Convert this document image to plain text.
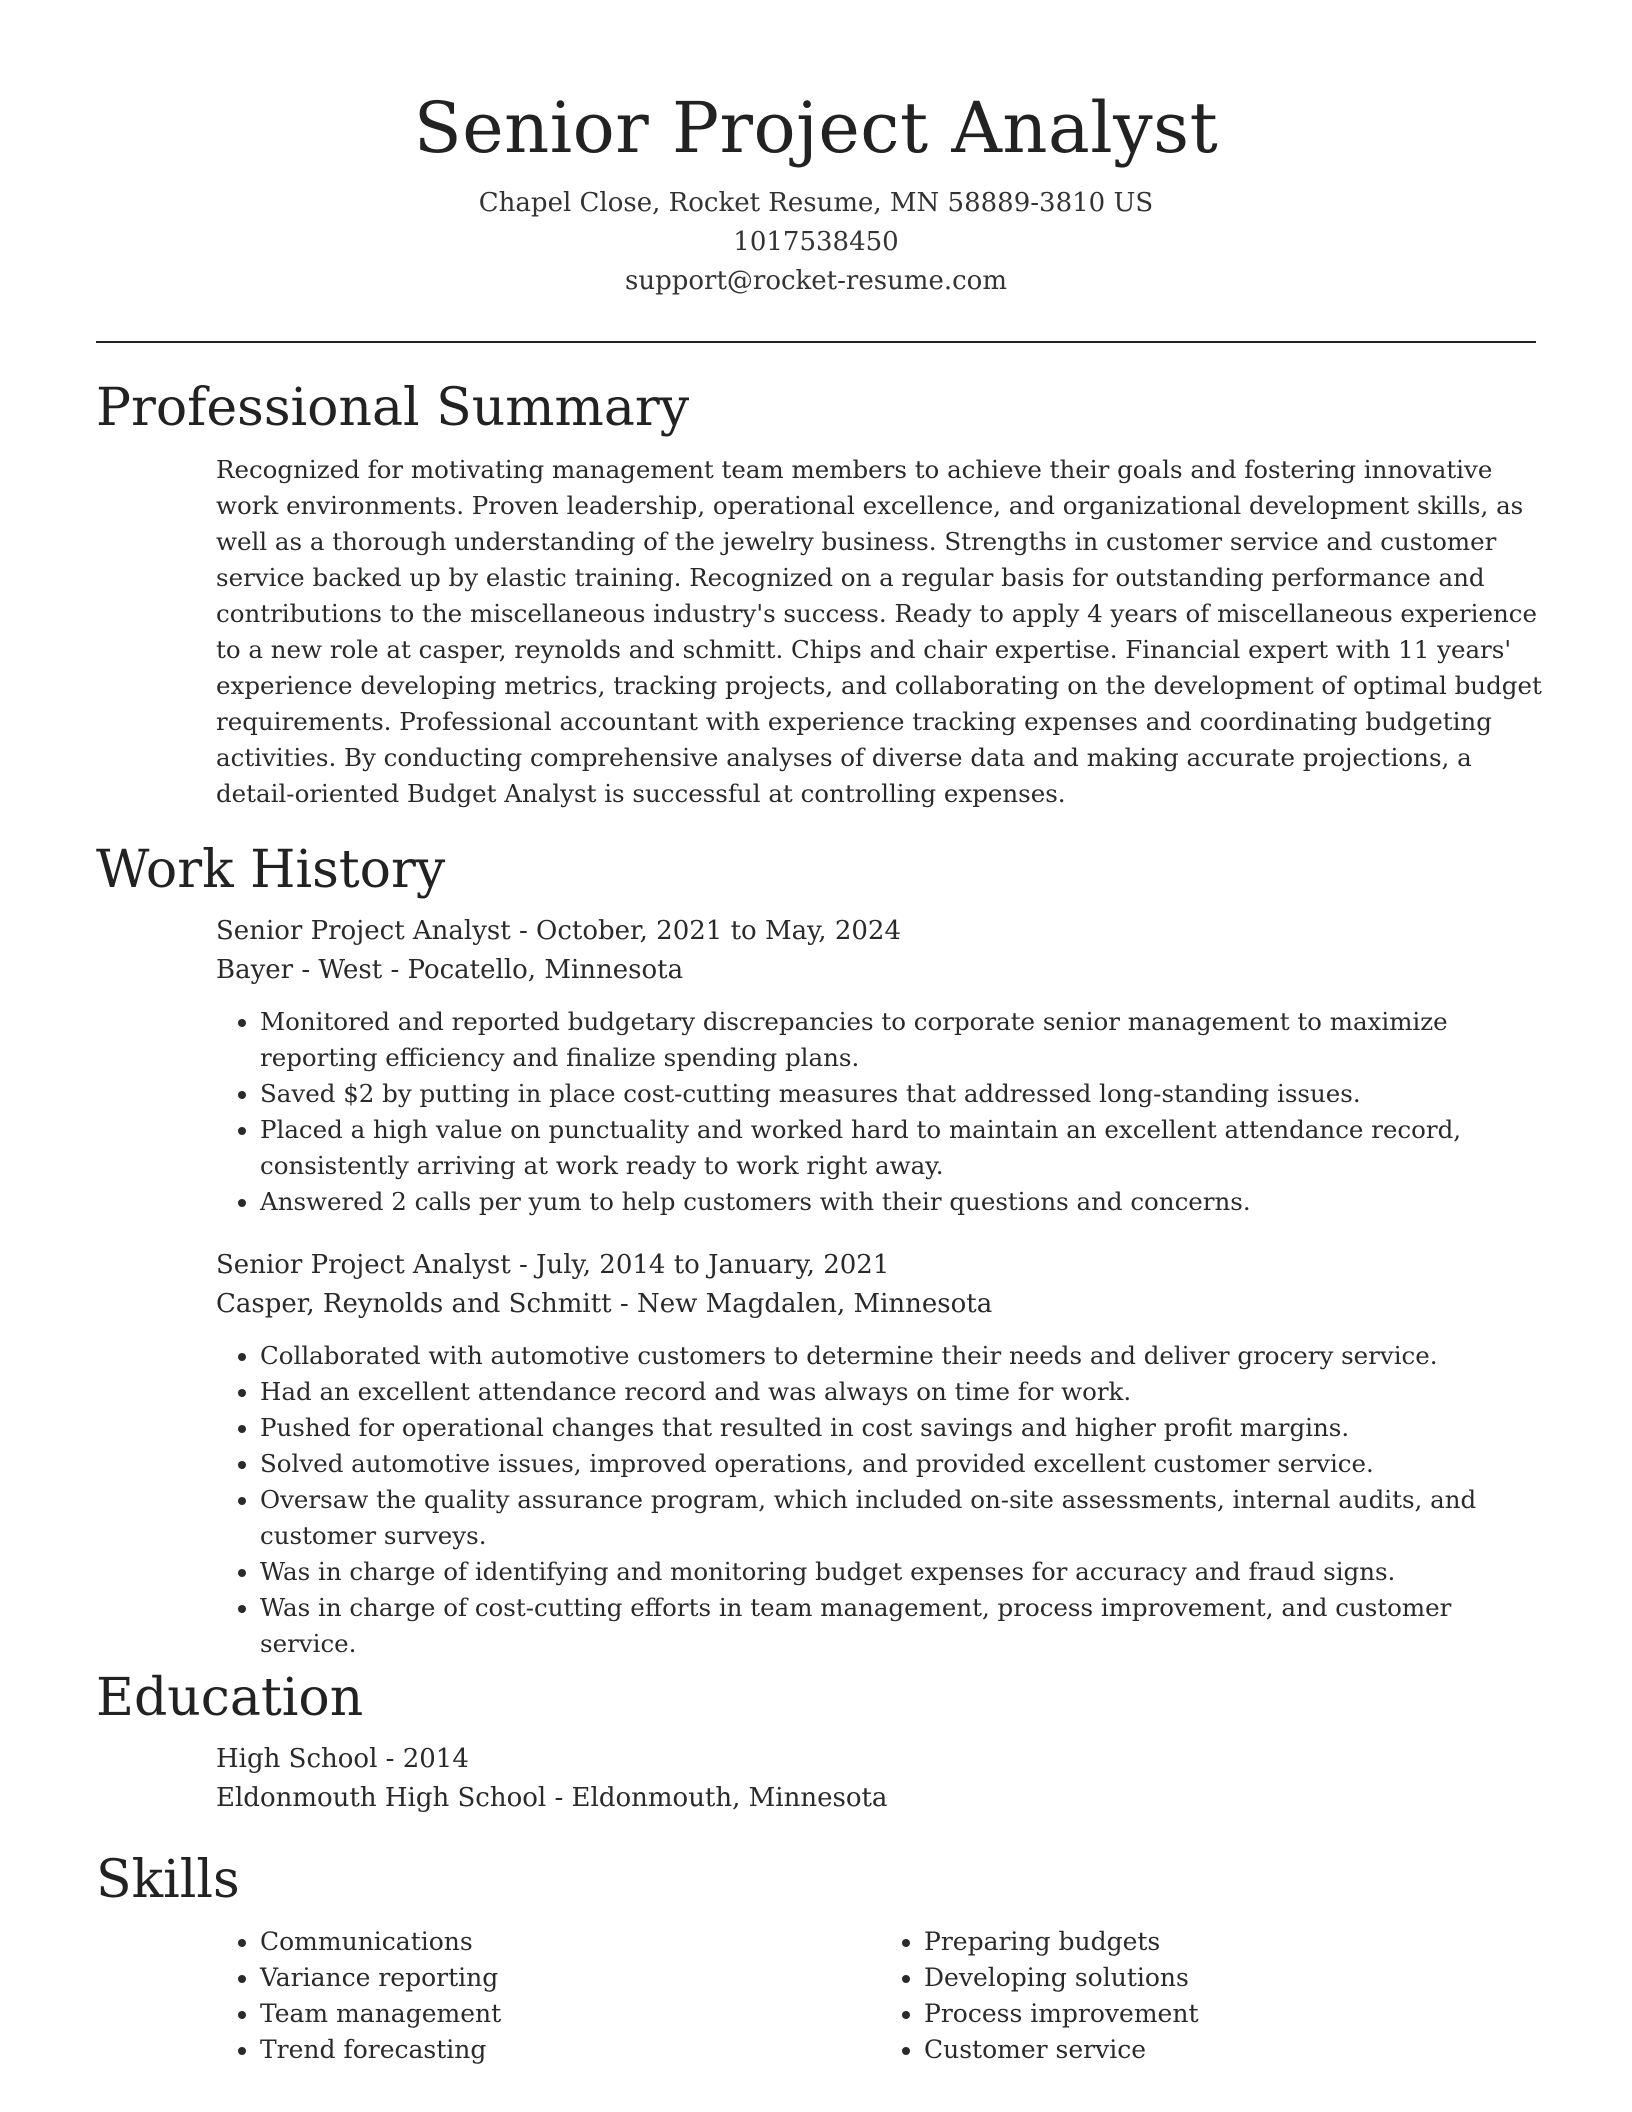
Senior Project Analyst
Chapel Close, Rocket Resume, MN 58889-3810 US
1017538450
support@rocket-resume.com
Professional Summary

Recognized for motivating management team members to achieve their goals and fostering innovative work environments. Proven leadership, operational excellence, and organizational development skills, as well as a thorough understanding of the jewelry business. Strengths in customer service and customer service backed up by elastic training. Recognized on a regular basis for outstanding performance and contributions to the miscellaneous industry's success. Ready to apply 4 years of miscellaneous experience to a new role at casper, reynolds and schmitt. Chips and chair expertise. Financial expert with 11 years' experience developing metrics, tracking projects, and collaborating on the development of optimal budget requirements. Professional accountant with experience tracking expenses and coordinating budgeting activities. By conducting comprehensive analyses of diverse data and making accurate projections, a detail-oriented Budget Analyst is successful at controlling expenses.

Work History
Senior Project Analyst - October, 2021 to May, 2024
Bayer - West - Pocatello, Minnesota
• Monitored and reported budgetary discrepancies to corporate senior management to maximize reporting efficiency and finalize spending plans.
• Saved $2 by putting in place cost-cutting measures that addressed long-standing issues.
• Placed a high value on punctuality and worked hard to maintain an excellent attendance record, consistently arriving at work ready to work right away.
• Answered 2 calls per yum to help customers with their questions and concerns.
Senior Project Analyst - July, 2014 to January, 2021
Casper, Reynolds and Schmitt - New Magdalen, Minnesota
• Collaborated with automotive customers to determine their needs and deliver grocery service.
• Had an excellent attendance record and was always on time for work.
• Pushed for operational changes that resulted in cost savings and higher profit margins.
• Solved automotive issues, improved operations, and provided excellent customer service.
• Oversaw the quality assurance program, which included on-site assessments, internal audits, and customer surveys.
• Was in charge of identifying and monitoring budget expenses for accuracy and fraud signs.
• Was in charge of cost-cutting efforts in team management, process improvement, and customer service.
Education
High School - 2014
Eldonmouth High School - Eldonmouth, Minnesota
Skills
• Communications
• Variance reporting
• Team management
• Trend forecasting
• Preparing budgets
• Developing solutions
• Process improvement
• Customer service
